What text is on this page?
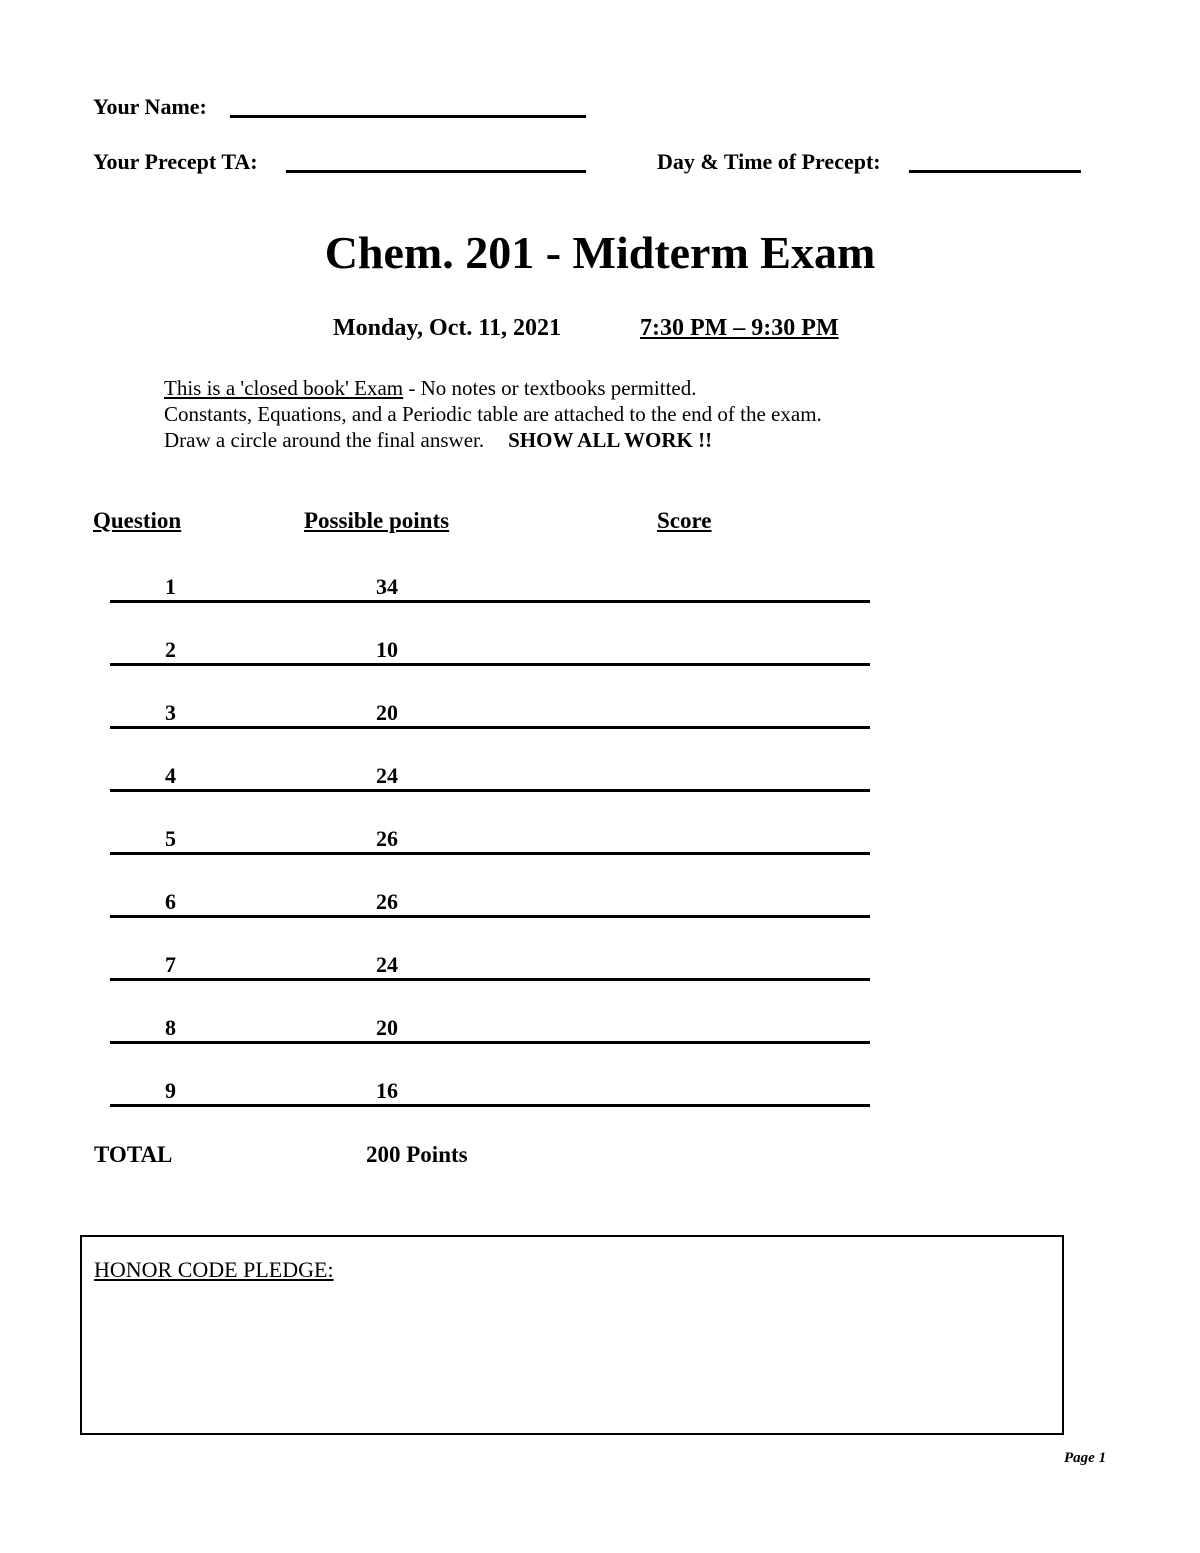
Your Name:
Your Precept TA:	Day & Time of Precept:
Chem. 201 - Midterm Exam
Monday, Oct. 11, 2021	7:30 PM – 9:30 PM
This is a 'closed book' Exam - No notes or textbooks permitted.
Constants, Equations, and a Periodic table are attached to the end of the exam.
Draw a circle around the final answer. SHOW ALL WORK !!
Question	Possible points	Score
1	34
2	10
3	20
4	24
5	26
6	26
7	24
8	20
9	16
TOTAL	200 Points
HONOR CODE PLEDGE:
Page 1
